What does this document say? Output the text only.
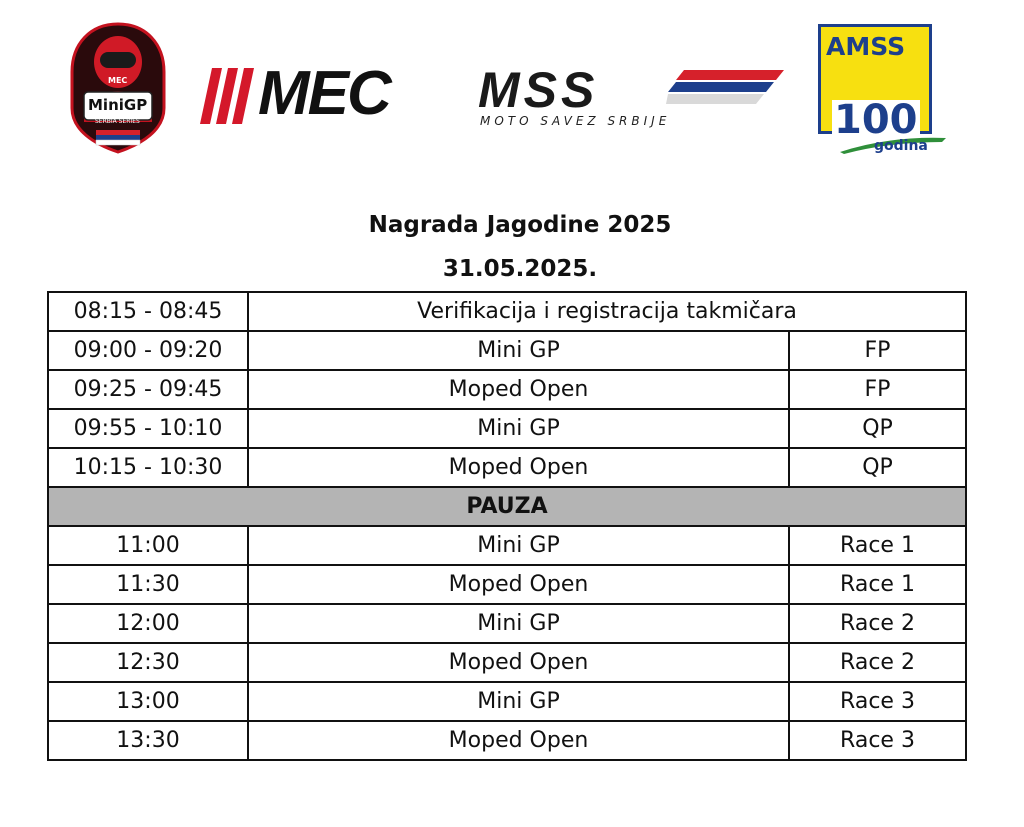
MEC
MiniGP
SERBIA SERIES MEC MSS
MOTO SAVEZ SRBIJE
AMSS
100
godina
Nagrada Jagodine 2025
31.05.2025.
08:15 - 08:45	Verifikacija i registracija takmičara	
09:00 - 09:20	Mini GP	FP
09:25 - 09:45	Moped Open	FP
09:55 - 10:10	Mini GP	QP
10:15 - 10:30	Moped Open	QP
PAUZA		
11:00	Mini GP	Race 1
11:30	Moped Open	Race 1
12:00	Mini GP	Race 2
12:30	Moped Open	Race 2
13:00	Mini GP	Race 3
13:30	Moped Open	Race 3
